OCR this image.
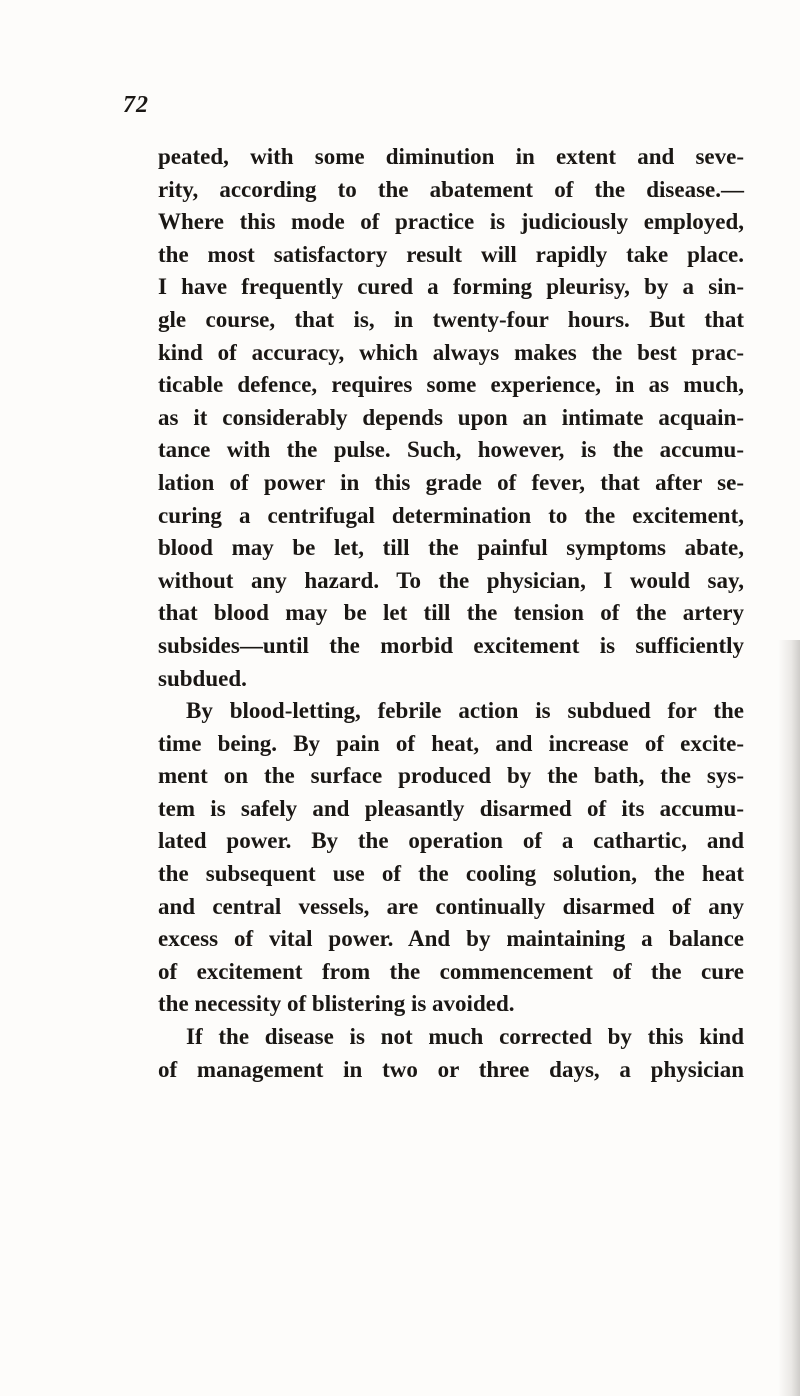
72
peated, with some diminution in extent and seve-
rity, according to the abatement of the disease.—
Where this mode of practice is judiciously employed,
the most satisfactory result will rapidly take place.
I have frequently cured a forming pleurisy, by a sin-
gle course, that is, in twenty-four hours. But that
kind of accuracy, which always makes the best prac-
ticable defence, requires some experience, in as much,
as it considerably depends upon an intimate acquain-
tance with the pulse. Such, however, is the accumu-
lation of power in this grade of fever, that after se-
curing a centrifugal determination to the excitement,
blood may be let, till the painful symptoms abate,
without any hazard. To the physician, I would say,
that blood may be let till the tension of the artery
subsides—until the morbid excitement is sufficiently
subdued.
By blood-letting, febrile action is subdued for the
time being. By pain of heat, and increase of excite-
ment on the surface produced by the bath, the sys-
tem is safely and pleasantly disarmed of its accumu-
lated power. By the operation of a cathartic, and
the subsequent use of the cooling solution, the heat
and central vessels, are continually disarmed of any
excess of vital power. And by maintaining a balance
of excitement from the commencement of the cure
the necessity of blistering is avoided.
If the disease is not much corrected by this kind
of management in two or three days, a physician
